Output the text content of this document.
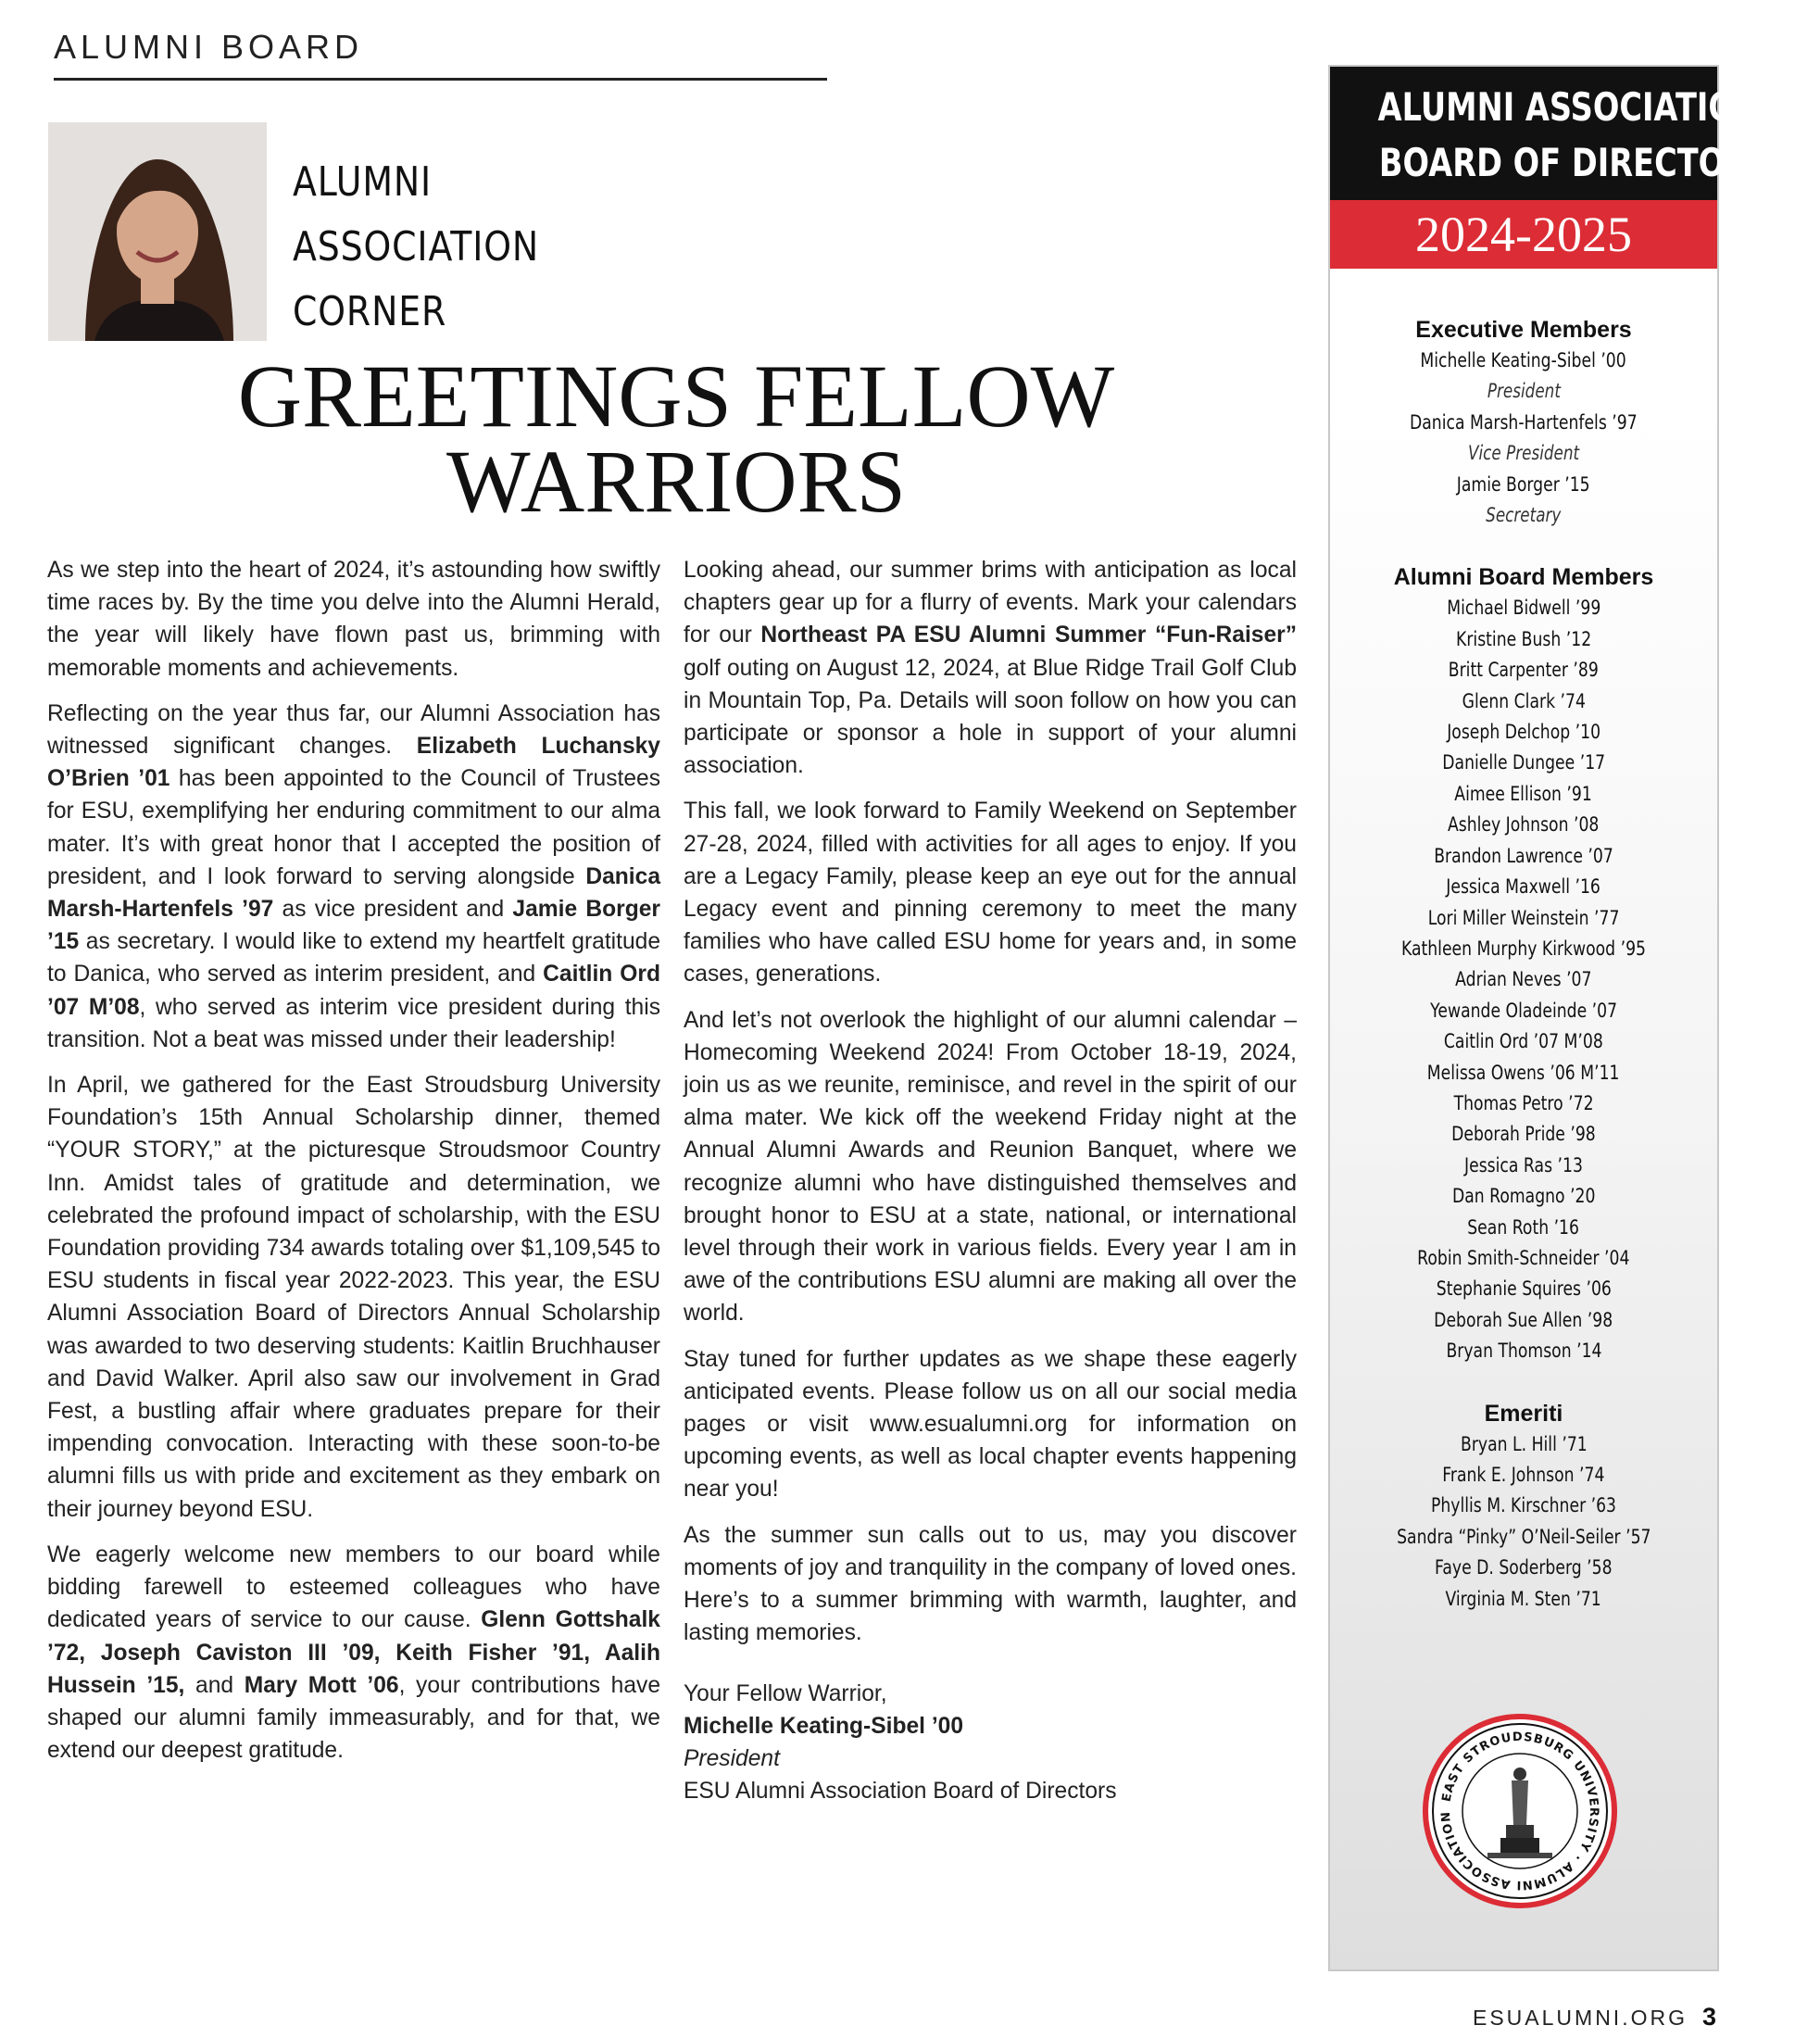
ALUMNI BOARD
ALUMNI
ASSOCIATION
CORNER
GREETINGS FELLOW
WARRIORS

As we step into the heart of 2024, it’s astounding how swiftly time races by. By the time you delve into the Alumni Herald, the year will likely have flown past us, brimming with memorable moments and achievements.

Reflecting on the year thus far, our Alumni Association has witnessed significant changes. Elizabeth Luchansky O’Brien ’01 has been appointed to the Council of Trustees for ESU, exemplifying her enduring commitment to our alma mater. It’s with great honor that I accepted the position of president, and I look forward to serving alongside Danica Marsh-Hartenfels ’97 as vice president and Jamie Borger ’15 as secretary. I would like to extend my heartfelt gratitude to Danica, who served as interim president, and Caitlin Ord ’07 M’08, who served as interim vice president during this transition. Not a beat was missed under their leadership!

In April, we gathered for the East Stroudsburg University Foundation’s 15th Annual Scholarship dinner, themed “YOUR STORY,” at the picturesque Stroudsmoor Country Inn. Amidst tales of gratitude and determination, we celebrated the profound impact of scholarship, with the ESU Foundation providing 734 awards totaling over $1,109,545 to ESU students in fiscal year 2022-2023. This year, the ESU Alumni Association Board of Directors Annual Scholarship was awarded to two deserving students: Kaitlin Bruchhauser and David Walker. April also saw our involvement in Grad Fest, a bustling affair where graduates prepare for their impending convocation. Interacting with these soon-to-be alumni fills us with pride and excitement as they embark on their journey beyond ESU.

We eagerly welcome new members to our board while bidding farewell to esteemed colleagues who have dedicated years of service to our cause. Glenn Gottshalk ’72, Joseph Caviston III ’09, Keith Fisher ’91, Aalih Hussein ’15, and Mary Mott ’06, your contributions have shaped our alumni family immeasurably, and for that, we extend our deepest gratitude.

Looking ahead, our summer brims with anticipation as local chapters gear up for a flurry of events. Mark your calendars for our Northeast PA ESU Alumni Summer “Fun-Raiser” golf outing on August 12, 2024, at Blue Ridge Trail Golf Club in Mountain Top, Pa. Details will soon follow on how you can participate or sponsor a hole in support of your alumni association.

This fall, we look forward to Family Weekend on September 27-28, 2024, filled with activities for all ages to enjoy. If you are a Legacy Family, please keep an eye out for the annual Legacy event and pinning ceremony to meet the many families who have called ESU home for years and, in some cases, generations.

And let’s not overlook the highlight of our alumni calendar – Homecoming Weekend 2024! From October 18-19, 2024, join us as we reunite, reminisce, and revel in the spirit of our alma mater. We kick off the weekend Friday night at the Annual Alumni Awards and Reunion Banquet, where we recognize alumni who have distinguished themselves and brought honor to ESU at a state, national, or international level through their work in various fields. Every year I am in awe of the contributions ESU alumni are making all over the world.

Stay tuned for further updates as we shape these eagerly anticipated events. Please follow us on all our social media pages or visit www.esualumni.org for information on upcoming events, as well as local chapter events happening near you!

As the summer sun calls out to us, may you discover moments of joy and tranquility in the company of loved ones. Here’s to a summer brimming with warmth, laughter, and lasting memories.

Your Fellow Warrior,
Michelle Keating-Sibel ’00
President
ESU Alumni Association Board of Directors
ALUMNI ASSOCIATION
BOARD OF DIRECTORS
2024-2025
Executive Members
Michelle Keating-Sibel ’00
President
Danica Marsh-Hartenfels ’97
Vice President
Jamie Borger ’15
Secretary
Alumni Board Members
Michael Bidwell ’99
Kristine Bush ’12
Britt Carpenter ’89
Glenn Clark ’74
Joseph Delchop ’10
Danielle Dungee ’17
Aimee Ellison ’91
Ashley Johnson ’08
Brandon Lawrence ’07
Jessica Maxwell ’16
Lori Miller Weinstein ’77
Kathleen Murphy Kirkwood ’95
Adrian Neves ’07
Yewande Oladeinde ’07
Caitlin Ord ’07 M’08
Melissa Owens ’06 M’11
Thomas Petro ’72
Deborah Pride ’98
Jessica Ras ’13
Dan Romagno ’20
Sean Roth ’16
Robin Smith-Schneider ’04
Stephanie Squires ’06
Deborah Sue Allen ’98
Bryan Thomson ’14
Emeriti
Bryan L. Hill ’71
Frank E. Johnson ’74
Phyllis M. Kirschner ’63
Sandra “Pinky” O’Neil-Seiler ’57
Faye D. Soderberg ’58
Virginia M. Sten ’71
EAST STROUDSBURG UNIVERSITY · ALUMNI ASSOCIATION
ESUALUMNI.ORG 3
